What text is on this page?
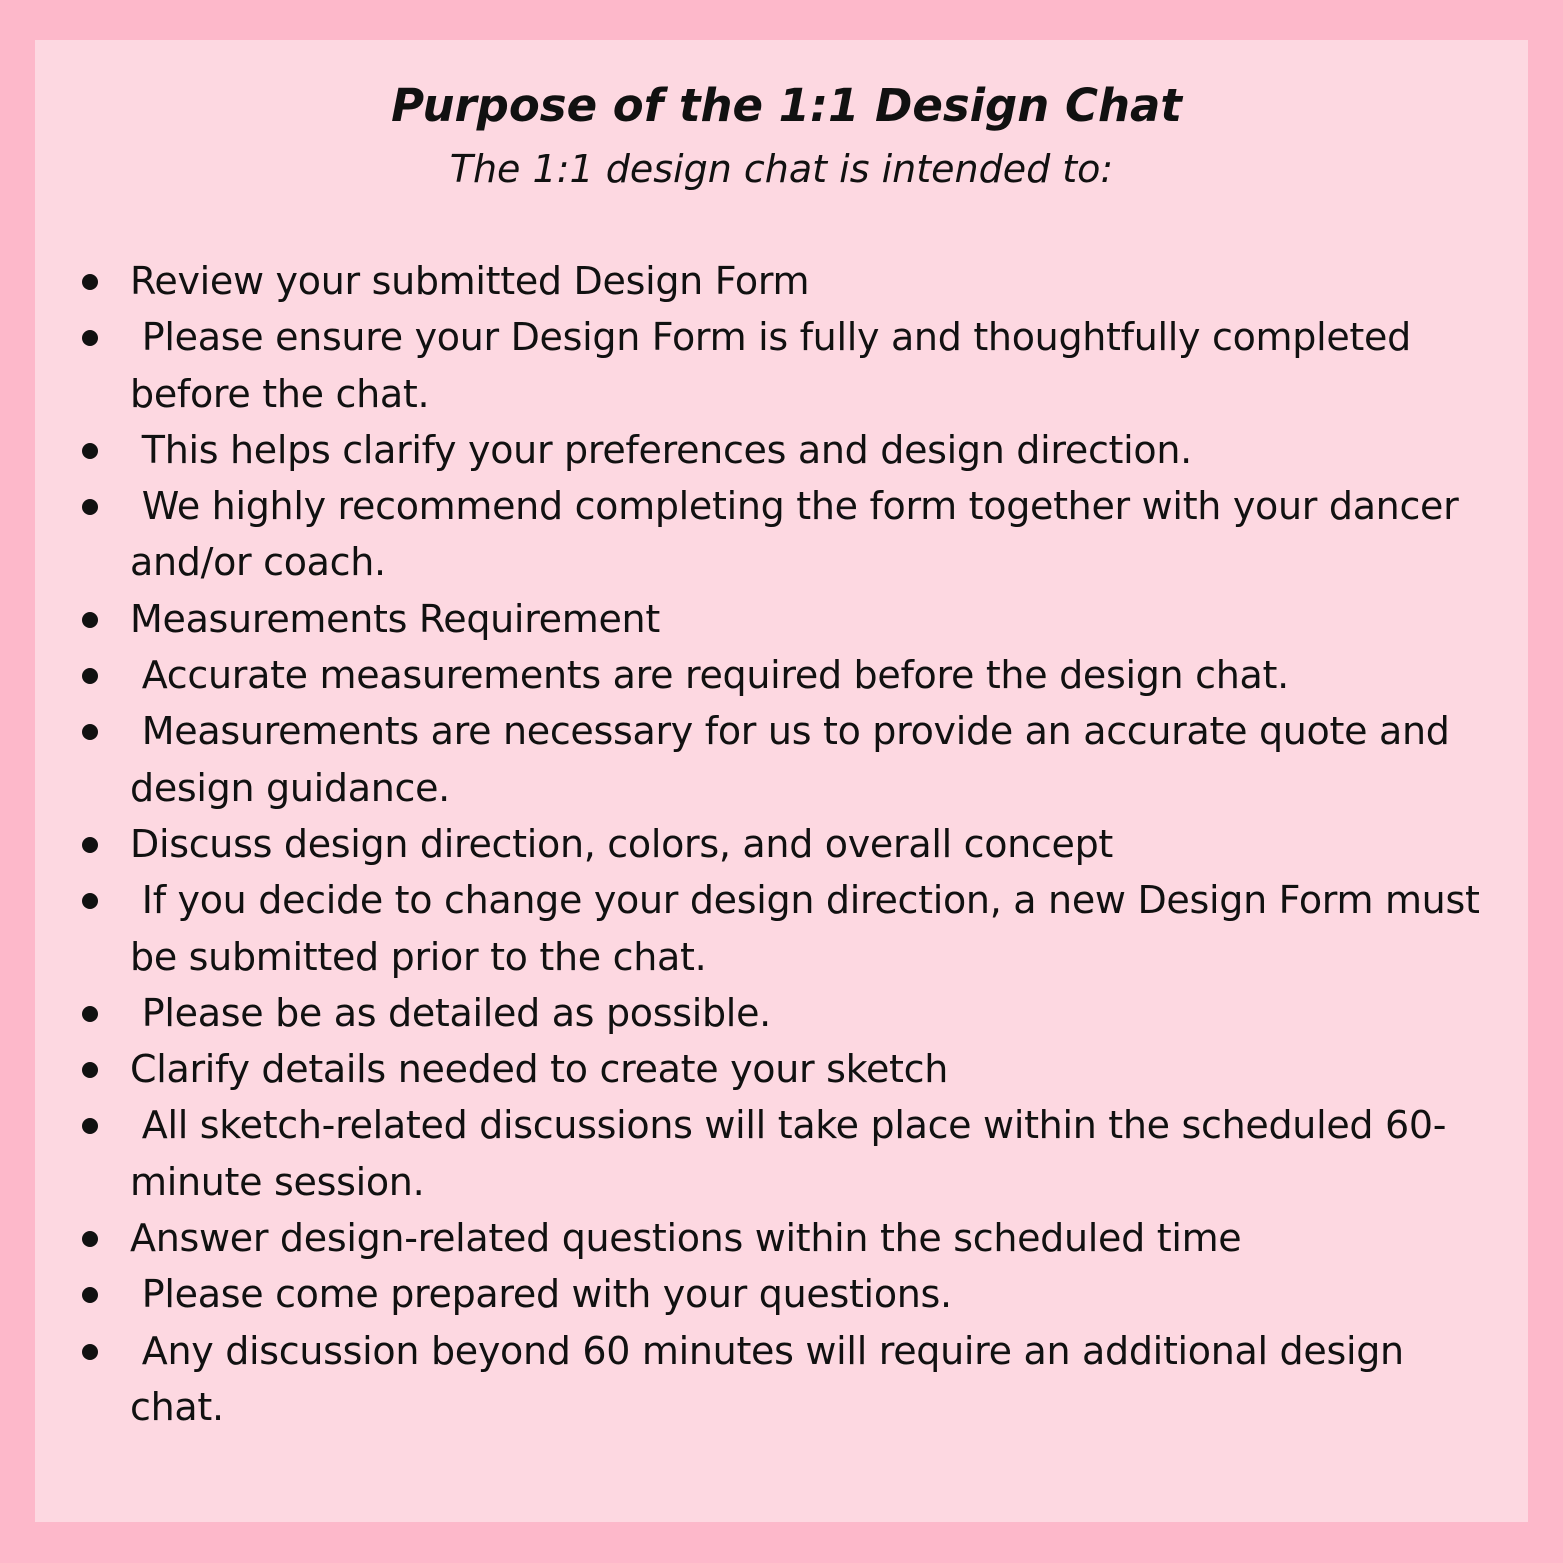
Purpose of the 1:1 Design Chat

The 1:1 design chat is intended to:

Review your submitted Design Form
Please ensure your Design Form is fully and thoughtfully completed before the chat.
This helps clarify your preferences and design direction.
We highly recommend completing the form together with your dancer and/or coach.
Measurements Requirement
Accurate measurements are required before the design chat.
Measurements are necessary for us to provide an accurate quote and design guidance.
Discuss design direction, colors, and overall concept
If you decide to change your design direction, a new Design Form must be submitted prior to the chat.
Please be as detailed as possible.
Clarify details needed to create your sketch
All sketch-related discussions will take place within the scheduled 60-minute session.
Answer design-related questions within the scheduled time
Please come prepared with your questions.
Any discussion beyond 60 minutes will require an additional design chat.
